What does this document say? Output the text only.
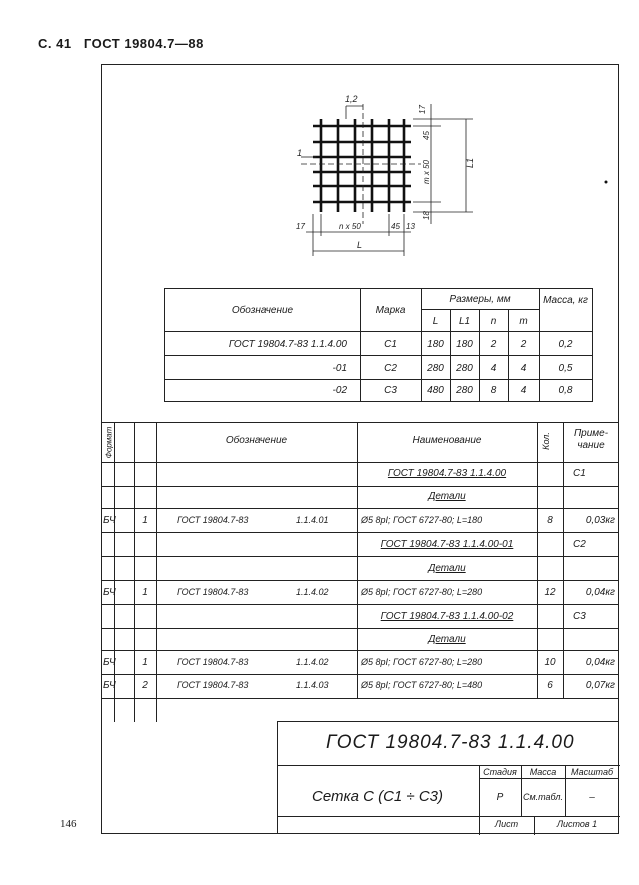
С. 41 ГОСТ 19804.7—88
146
1,2
1
17
45
m x 50	L1
18
17	n x 50	45 13
L
Обозначение	Марка
Размеры, мм	Масса, кг
L	L1	n	m
ГОСТ 19804.7-83 1.1.4.00	С1	180	180	2	2	0,2
-01	С2	280	280	4	4	0,5
-02	С3	480	280	8	4	0,8
Формат	Обозначение	Наименование	Кол.	Приме- чание
ГОСТ 19804.7-83 1.1.4.00	С1
Детали
БЧ	1	ГОСТ 19804.7-83	1.1.4.01	Ø5 8рI; ГОСТ 6727-80; L=180	8	0,03кг
ГОСТ 19804.7-83 1.1.4.00-01	С2
Детали
БЧ	1	ГОСТ 19804.7-83	1.1.4.02	Ø5 8рI; ГОСТ 6727-80; L=280	12	0,04кг
ГОСТ 19804.7-83 1.1.4.00-02	С3
Детали
БЧ	1	ГОСТ 19804.7-83	1.1.4.02	Ø5 8рI; ГОСТ 6727-80; L=280	10	0,04кг
БЧ	2	ГОСТ 19804.7-83	1.1.4.03	Ø5 8рI; ГОСТ 6727-80; L=480	6	0,07кг
ГОСТ 19804.7-83 1.1.4.00
Сетка С (С1 ÷ С3)
Стадия	Масса	Масштаб
Р	См.табл.	–
Лист	Листов 1
